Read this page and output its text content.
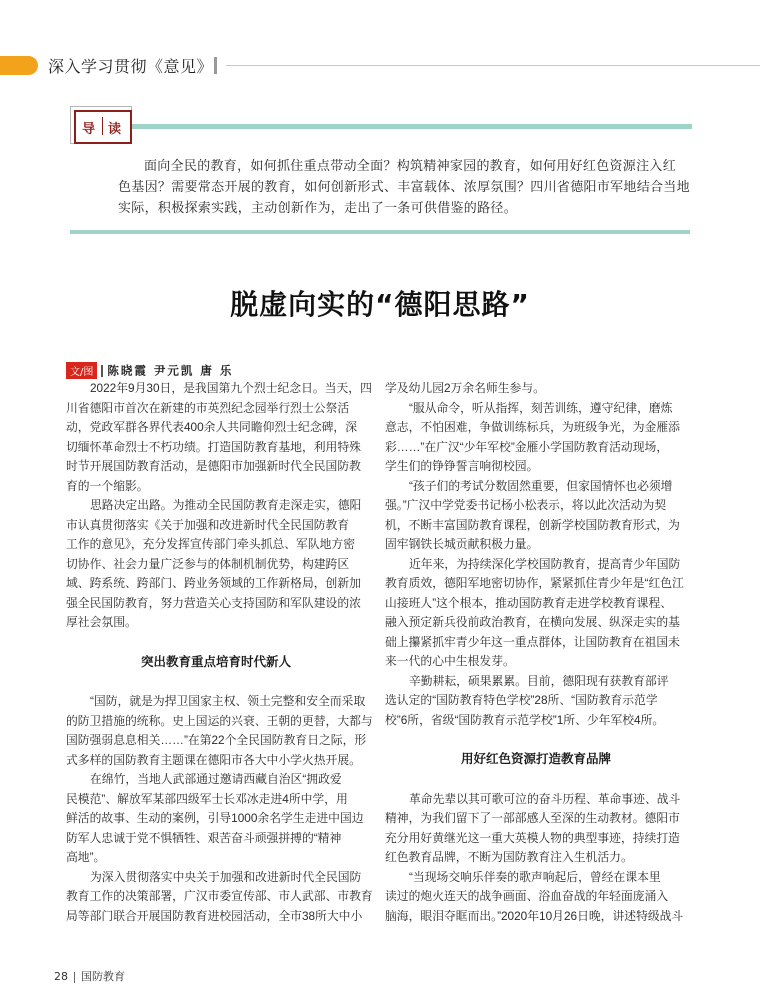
深入学习贯彻《意见》
导 读

面向全民的教育，如何抓住重点带动全面？构筑精神家园的教育，如何用好红色资源注入红

色基因？需要常态开展的教育，如何创新形式、丰富载体、浓厚氛围？四川省德阳市军地结合当地

实际，积极探索实践，主动创新作为，走出了一条可供借鉴的路径。

脱虚向实的“德阳思路”
文/图 陈晓霞 尹元凯 唐 乐

2022年9月30日，是我国第九个烈士纪念日。当天，四

川省德阳市首次在新建的市英烈纪念园举行烈士公祭活

动，党政军群各界代表400余人共同瞻仰烈士纪念碑，深

切缅怀革命烈士不朽功绩。打造国防教育基地，利用特殊

时节开展国防教育活动，是德阳市加强新时代全民国防教

育的一个缩影。

思路决定出路。为推动全民国防教育走深走实，德阳

市认真贯彻落实《关于加强和改进新时代全民国防教育

工作的意见》，充分发挥宣传部门牵头抓总、军队地方密

切协作、社会力量广泛参与的体制机制优势，构建跨区

域、跨系统、跨部门、跨业务领域的工作新格局，创新加

强全民国防教育，努力营造关心支持国防和军队建设的浓

厚社会氛围。

突出教育重点培育时代新人

“国防，就是为捍卫国家主权、领土完整和安全而采取

的防卫措施的统称。史上国运的兴衰、王朝的更替，大都与

国防强弱息息相关……”在第22个全民国防教育日之际，形

式多样的国防教育主题课在德阳市各大中小学火热开展。

在绵竹，当地人武部通过邀请西藏自治区“拥政爱

民模范”、解放军某部四级军士长邓冰走进4所中学，用

鲜活的故事、生动的案例，引导1000余名学生走进中国边

防军人忠诚于党不惧牺牲、艰苦奋斗顽强拼搏的“精神

高地”。

为深入贯彻落实中央关于加强和改进新时代全民国防

教育工作的决策部署，广汉市委宣传部、市人武部、市教育

局等部门联合开展国防教育进校园活动，全市38所大中小

学及幼儿园2万余名师生参与。

“服从命令，听从指挥，刻苦训练，遵守纪律，磨炼

意志，不怕困难，争做训练标兵，为班级争光，为金雁添

彩……”在广汉“少年军校”金雁小学国防教育活动现场，

学生们的铮铮誓言响彻校园。

“孩子们的考试分数固然重要，但家国情怀也必须增

强。”广汉中学党委书记杨小松表示，将以此次活动为契

机，不断丰富国防教育课程，创新学校国防教育形式，为

固牢钢铁长城贡献积极力量。

近年来，为持续深化学校国防教育，提高青少年国防

教育质效，德阳军地密切协作，紧紧抓住青少年是“红色江

山接班人”这个根本，推动国防教育走进学校教育课程、

融入预定新兵役前政治教育，在横向发展、纵深走实的基

础上攥紧抓牢青少年这一重点群体，让国防教育在祖国未

来一代的心中生根发芽。

辛勤耕耘，硕果累累。目前，德阳现有获教育部评

选认定的“国防教育特色学校”28所、“国防教育示范学

校”6所，省级“国防教育示范学校”1所、少年军校4所。

用好红色资源打造教育品牌

革命先辈以其可歌可泣的奋斗历程、革命事迹、战斗

精神，为我们留下了一部部感人至深的生动教材。德阳市

充分用好黄继光这一重大英模人物的典型事迹，持续打造

红色教育品牌，不断为国防教育注入生机活力。

“当现场交响乐伴奏的歌声响起后，曾经在课本里

读过的炮火连天的战争画面、浴血奋战的年轻面庞涌入

脑海，眼泪夺眶而出。”2020年10月26日晚，讲述特级战斗

28 国防教育
